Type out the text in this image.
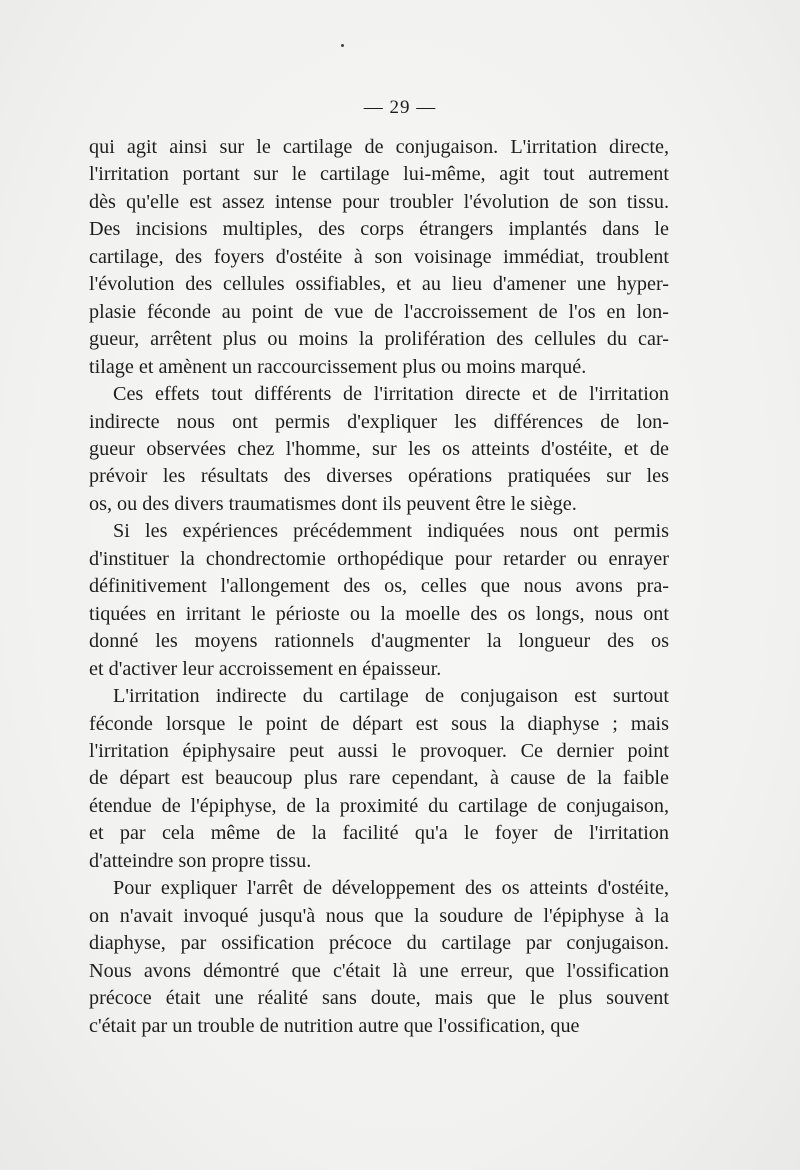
— 29 —

qui agit ainsi sur le cartilage de conjugaison. L'irritation directe,
l'irritation portant sur le cartilage lui-même, agit tout autrement
dès qu'elle est assez intense pour troubler l'évolution de son tissu.
Des incisions multiples, des corps étrangers implantés dans le
cartilage, des foyers d'ostéite à son voisinage immédiat, troublent
l'évolution des cellules ossifiables, et au lieu d'amener une hyper-
plasie féconde au point de vue de l'accroissement de l'os en lon-
gueur, arrêtent plus ou moins la prolifération des cellules du car-
tilage et amènent un raccourcissement plus ou moins marqué.

Ces effets tout différents de l'irritation directe et de l'irritation
indirecte nous ont permis d'expliquer les différences de lon-
gueur observées chez l'homme, sur les os atteints d'ostéite, et de
prévoir les résultats des diverses opérations pratiquées sur les
os, ou des divers traumatismes dont ils peuvent être le siège.

Si les expériences précédemment indiquées nous ont permis
d'instituer la chondrectomie orthopédique pour retarder ou enrayer
définitivement l'allongement des os, celles que nous avons pra-
tiquées en irritant le périoste ou la moelle des os longs, nous ont
donné les moyens rationnels d'augmenter la longueur des os
et d'activer leur accroissement en épaisseur.

L'irritation indirecte du cartilage de conjugaison est surtout
féconde lorsque le point de départ est sous la diaphyse ; mais
l'irritation épiphysaire peut aussi le provoquer. Ce dernier point
de départ est beaucoup plus rare cependant, à cause de la faible
étendue de l'épiphyse, de la proximité du cartilage de conjugaison,
et par cela même de la facilité qu'a le foyer de l'irritation
d'atteindre son propre tissu.

Pour expliquer l'arrêt de développement des os atteints d'ostéite,
on n'avait invoqué jusqu'à nous que la soudure de l'épiphyse à la
diaphyse, par ossification précoce du cartilage par conjugaison.
Nous avons démontré que c'était là une erreur, que l'ossification
précoce était une réalité sans doute, mais que le plus souvent
c'était par un trouble de nutrition autre que l'ossification, que
